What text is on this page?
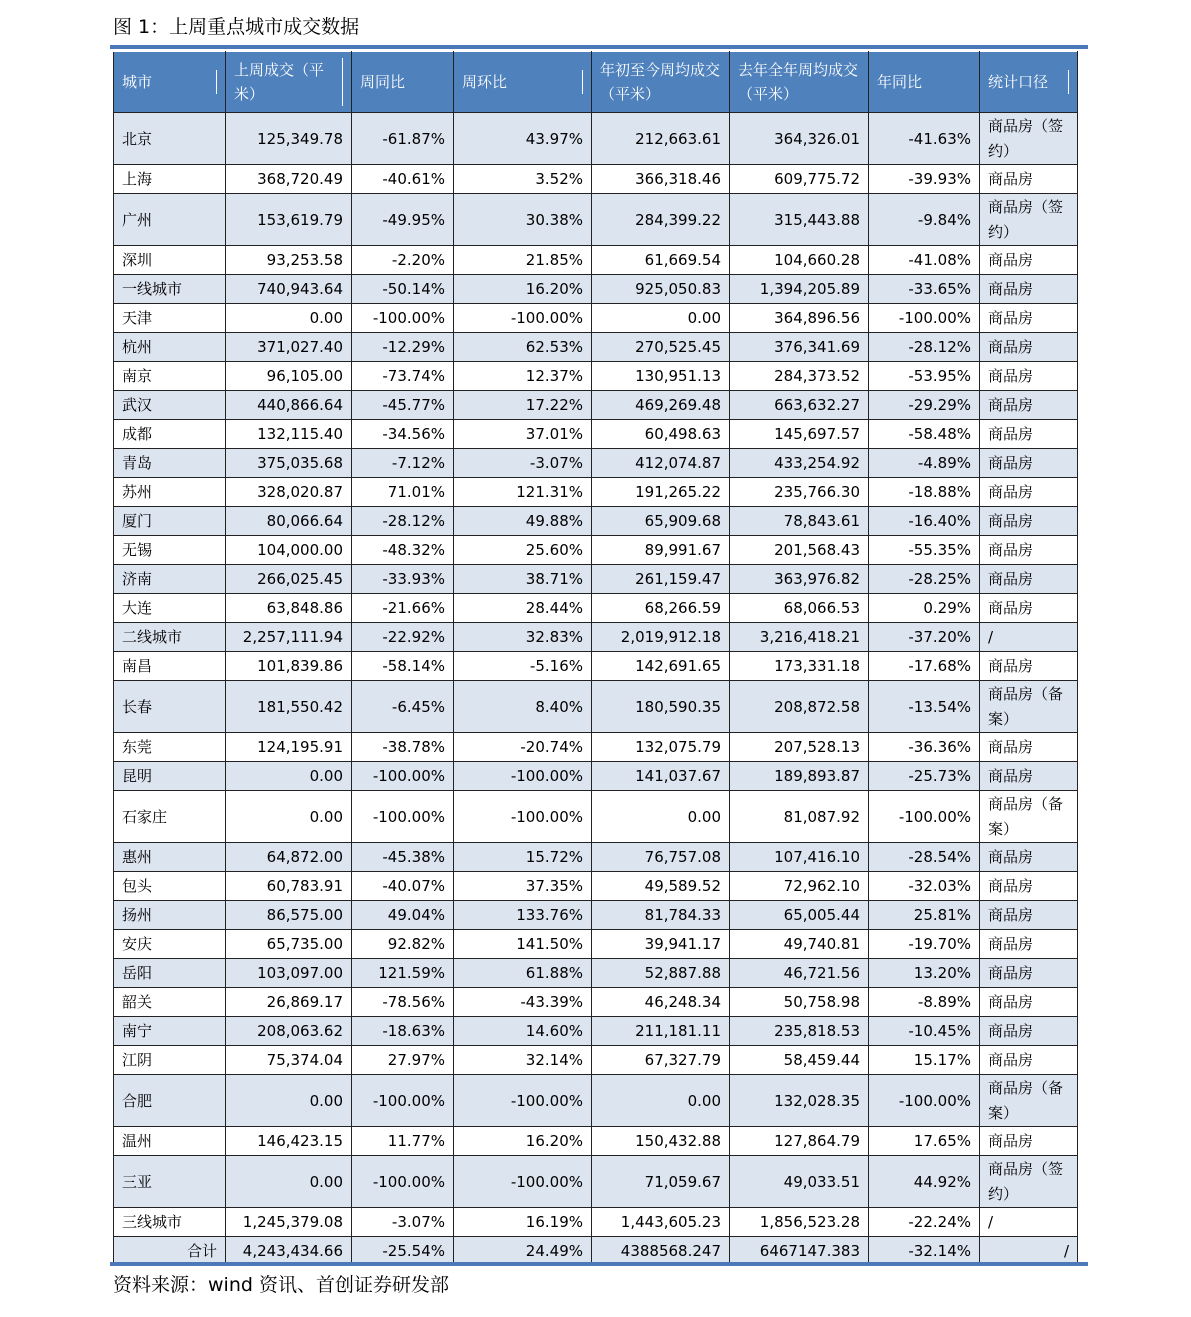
图 1：上周重点城市成交数据
城市	上周成交（平米）	周同比	周环比	年初至今周均成交（平米）	去年全年周均成交（平米）	年同比	统计口径

北京	125,349.78	-61.87%	43.97%	212,663.61	364,326.01	-41.63%	商品房（签约）
上海	368,720.49	-40.61%	3.52%	366,318.46	609,775.72	-39.93%	商品房
广州	153,619.79	-49.95%	30.38%	284,399.22	315,443.88	-9.84%	商品房（签约）
深圳	93,253.58	-2.20%	21.85%	61,669.54	104,660.28	-41.08%	商品房
一线城市	740,943.64	-50.14%	16.20%	925,050.83	1,394,205.89	-33.65%	商品房
天津	0.00	-100.00%	-100.00%	0.00	364,896.56	-100.00%	商品房
杭州	371,027.40	-12.29%	62.53%	270,525.45	376,341.69	-28.12%	商品房
南京	96,105.00	-73.74%	12.37%	130,951.13	284,373.52	-53.95%	商品房
武汉	440,866.64	-45.77%	17.22%	469,269.48	663,632.27	-29.29%	商品房
成都	132,115.40	-34.56%	37.01%	60,498.63	145,697.57	-58.48%	商品房
青岛	375,035.68	-7.12%	-3.07%	412,074.87	433,254.92	-4.89%	商品房
苏州	328,020.87	71.01%	121.31%	191,265.22	235,766.30	-18.88%	商品房
厦门	80,066.64	-28.12%	49.88%	65,909.68	78,843.61	-16.40%	商品房
无锡	104,000.00	-48.32%	25.60%	89,991.67	201,568.43	-55.35%	商品房
济南	266,025.45	-33.93%	38.71%	261,159.47	363,976.82	-28.25%	商品房
大连	63,848.86	-21.66%	28.44%	68,266.59	68,066.53	0.29%	商品房
二线城市	2,257,111.94	-22.92%	32.83%	2,019,912.18	3,216,418.21	-37.20%	/
南昌	101,839.86	-58.14%	-5.16%	142,691.65	173,331.18	-17.68%	商品房
长春	181,550.42	-6.45%	8.40%	180,590.35	208,872.58	-13.54%	商品房（备案）
东莞	124,195.91	-38.78%	-20.74%	132,075.79	207,528.13	-36.36%	商品房
昆明	0.00	-100.00%	-100.00%	141,037.67	189,893.87	-25.73%	商品房
石家庄	0.00	-100.00%	-100.00%	0.00	81,087.92	-100.00%	商品房（备案）
惠州	64,872.00	-45.38%	15.72%	76,757.08	107,416.10	-28.54%	商品房
包头	60,783.91	-40.07%	37.35%	49,589.52	72,962.10	-32.03%	商品房
扬州	86,575.00	49.04%	133.76%	81,784.33	65,005.44	25.81%	商品房
安庆	65,735.00	92.82%	141.50%	39,941.17	49,740.81	-19.70%	商品房
岳阳	103,097.00	121.59%	61.88%	52,887.88	46,721.56	13.20%	商品房
韶关	26,869.17	-78.56%	-43.39%	46,248.34	50,758.98	-8.89%	商品房
南宁	208,063.62	-18.63%	14.60%	211,181.11	235,818.53	-10.45%	商品房
江阴	75,374.04	27.97%	32.14%	67,327.79	58,459.44	15.17%	商品房
合肥	0.00	-100.00%	-100.00%	0.00	132,028.35	-100.00%	商品房（备案）
温州	146,423.15	11.77%	16.20%	150,432.88	127,864.79	17.65%	商品房
三亚	0.00	-100.00%	-100.00%	71,059.67	49,033.51	44.92%	商品房（签约）
三线城市	1,245,379.08	-3.07%	16.19%	1,443,605.23	1,856,523.28	-22.24%	/
合计	4,243,434.66	-25.54%	24.49%	4388568.247	6467147.383	-32.14%	/
资料来源：wind 资讯、首创证券研发部
